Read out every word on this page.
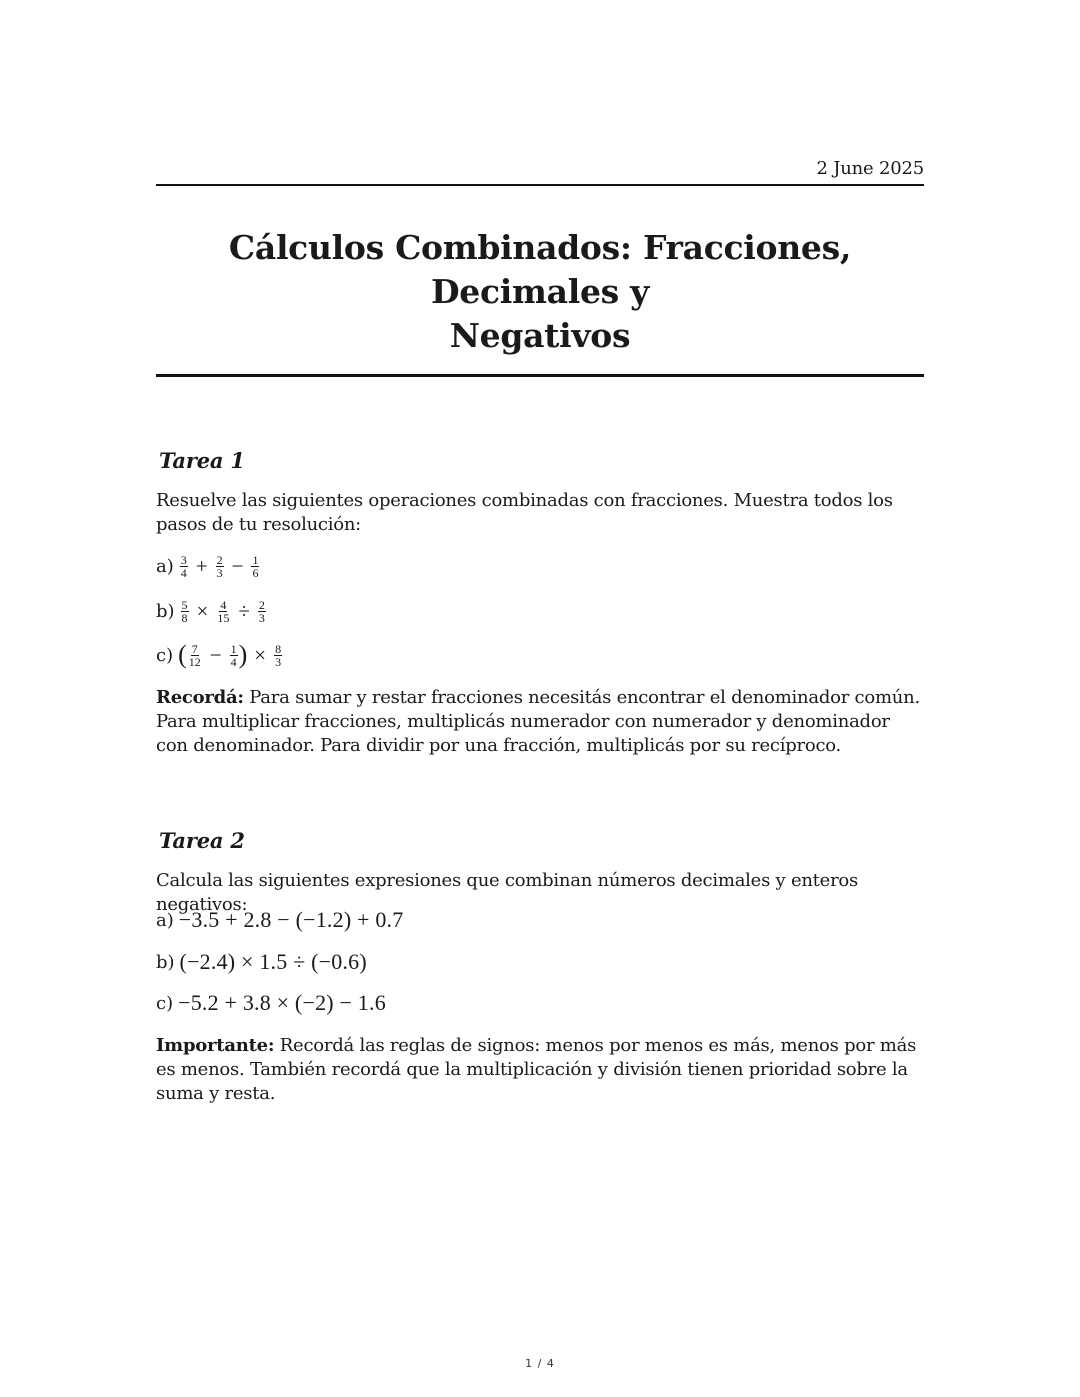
2 June 2025
Cálculos Combinados: Fracciones, Decimales y
Negativos
Tarea 1
Resuelve las siguientes operaciones combinadas con fracciones. Muestra todos los pasos de tu resolución:
$a) \frac{3}{4} + \frac{2}{3} - \frac{1}{6}$
$b) \frac{5}{8} \times \frac{4}{15} \div \frac{2}{3}$
c) ( $\frac{7}{12} - \frac{1}{4}$ ) × $\frac{8}{3}$
Recordá: Para sumar y restar fracciones necesitás encontrar el denominador común. Para multiplicar fracciones, multiplicás numerador con numerador y denominador con denominador. Para dividir por una fracción, multiplicás por su recíproco.
Tarea 2
Calcula las siguientes expresiones que combinan números decimales y enteros negativos:
a) −3.5 + 2.8 − (−1.2) + 0.7
b) (−2.4) × 1.5 ÷ (−0.6)
c) −5.2 + 3.8 × (−2) − 1.6
Importante: Recordá las reglas de signos: menos por menos es más, menos por más es menos. También recordá que la multiplicación y división tienen prioridad sobre la suma y resta.
1 / 4
